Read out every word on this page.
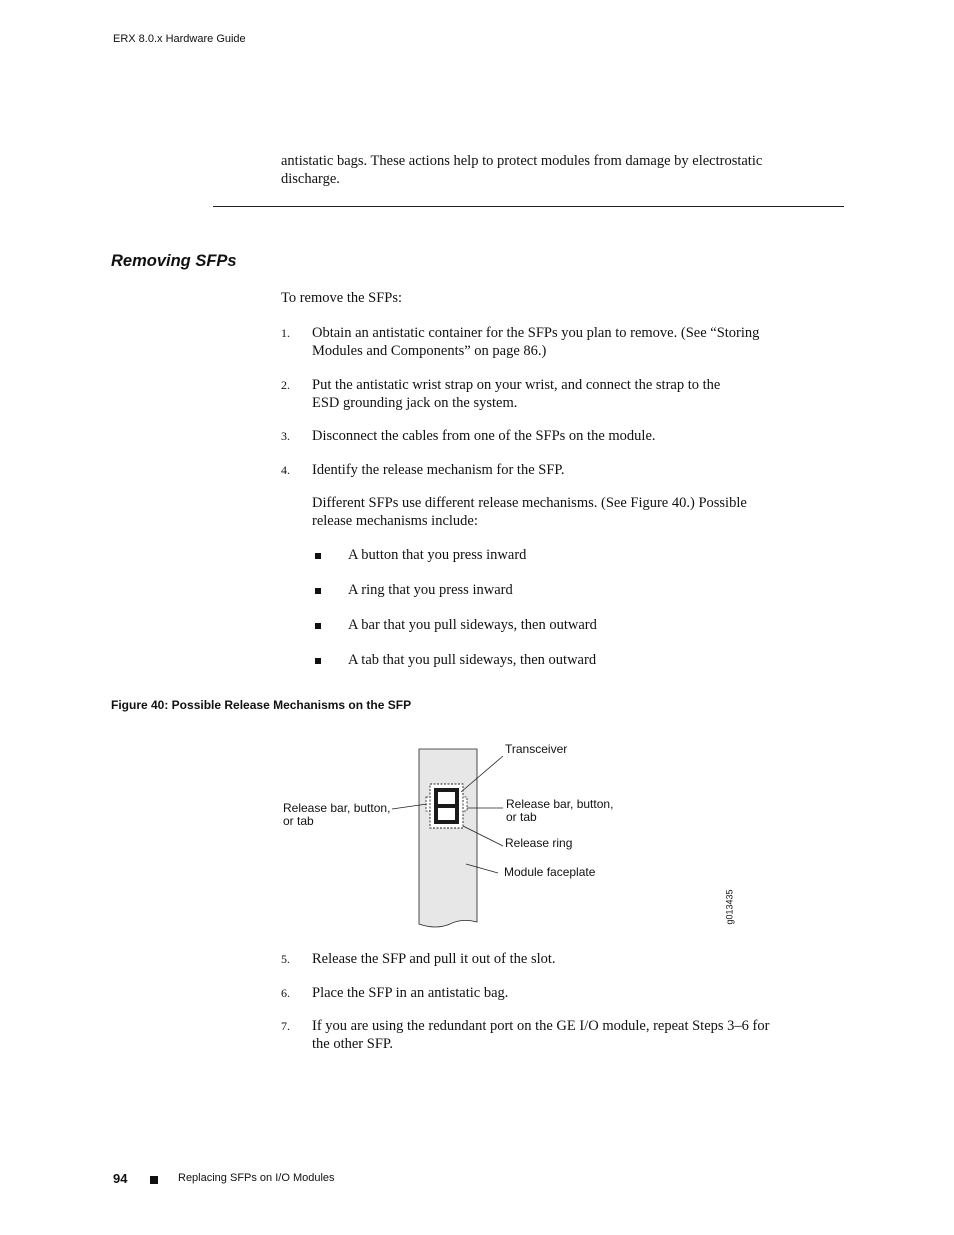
ERX 8.0.x Hardware Guide
antistatic bags. These actions help to protect modules from damage by electrostatic
discharge.
Removing SFPs
To remove the SFPs:
1. Obtain an antistatic container for the SFPs you plan to remove. (See “Storing
Modules and Components” on page 86.)
2. Put the antistatic wrist strap on your wrist, and connect the strap to the
ESD grounding jack on the system.
3. Disconnect the cables from one of the SFPs on the module.
4. Identify the release mechanism for the SFP.
Different SFPs use different release mechanisms. (See Figure 40.) Possible
release mechanisms include:
A button that you press inward
A ring that you press inward
A bar that you pull sideways, then outward
A tab that you pull sideways, then outward
Figure 40: Possible Release Mechanisms on the SFP
Transceiver
Release bar, button,
or tab
Release bar, button,
or tab
Release ring
Module faceplate
g013435
5. Release the SFP and pull it out of the slot.
6. Place the SFP in an antistatic bag.
7. If you are using the redundant port on the GE I/O module, repeat Steps 3–6 for
the other SFP.
94	Replacing SFPs on I/O Modules
